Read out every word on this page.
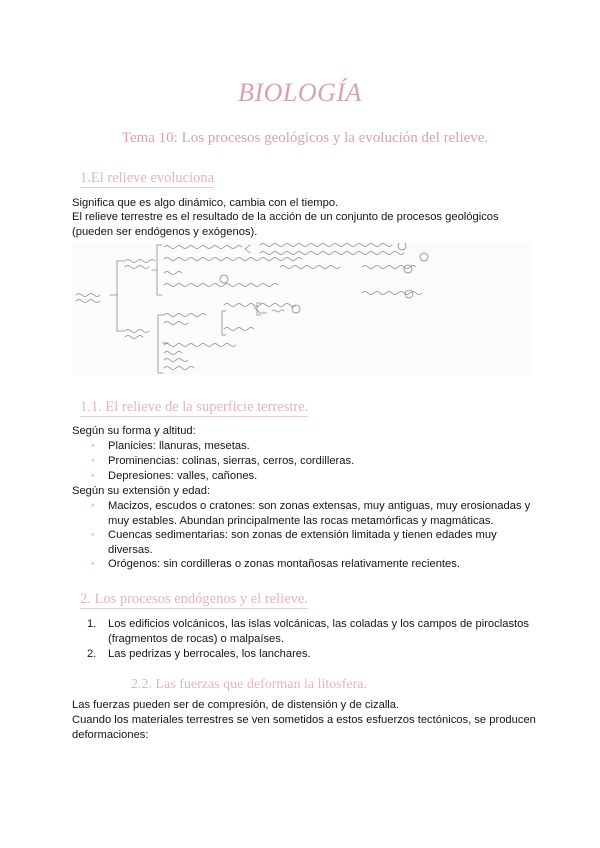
BIOLOGÍA
Tema 10: Los procesos geológicos y la evolución del relieve.
1.El relieve evoluciona
Significa que es algo dinámico, cambia con el tiempo.
El relieve terrestre es el resultado de la acción de un conjunto de procesos geológicos (pueden ser endógenos y exógenos).
1.1. El relieve de la superficie terrestre.
Según su forma y altitud:
● Planicies: llanuras, mesetas.
● Prominencias: colinas, sierras, cerros, cordilleras.
● Depresiones: valles, cañones.
Según su extensión y edad:
● Macizos, escudos o cratones: son zonas extensas, muy antiguas, muy erosionadas y muy estables. Abundan principalmente las rocas metamórficas y magmáticas.
● Cuencas sedimentarias: son zonas de extensión limitada y tienen edades muy diversas.
● Orógenos: sin cordilleras o zonas montañosas relativamente recientes.
2. Los procesos endógenos y el relieve.
1. Los edificios volcánicos, las islas volcánicas, las coladas y los campos de piroclastos (fragmentos de rocas) o malpaíses.
2. Las pedrizas y berrocales, los lanchares.
2.2. Las fuerzas que deforman la litosfera.
Las fuerzas pueden ser de compresión, de distensión y de cizalla.
Cuando los materiales terrestres se ven sometidos a estos esfuerzos tectónicos, se producen deformaciones:
